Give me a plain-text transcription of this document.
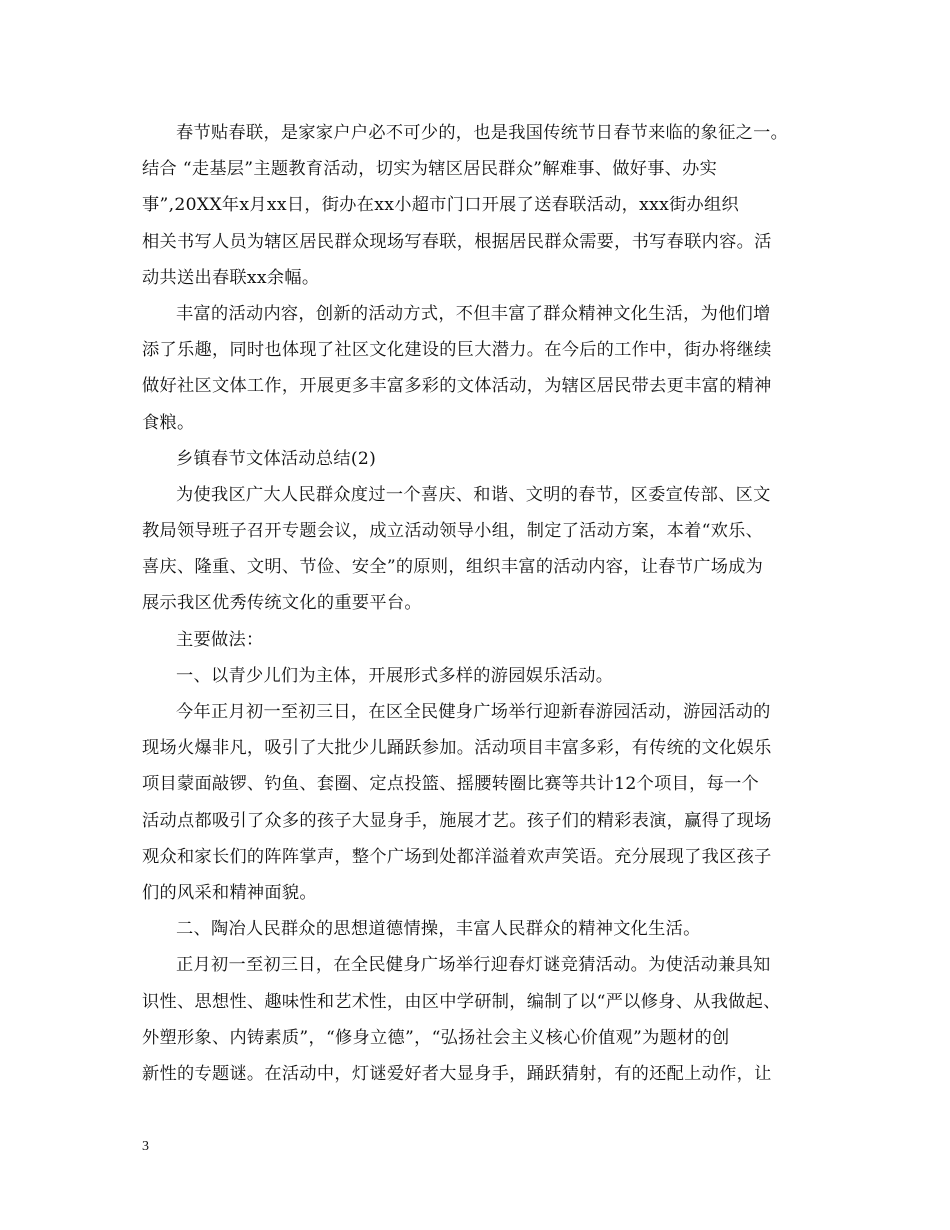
春节贴春联，是家家户户必不可少的，也是我国传统节日春节来临的象征之一。
结合 “走基层”主题教育活动，切实为辖区居民群众”解难事、做好事、办实
事”,20XX年x月xx日，街办在xx小超市门口开展了送春联活动，xxx街办组织
相关书写人员为辖区居民群众现场写春联，根据居民群众需要，书写春联内容。活
动共送出春联xx余幅。
丰富的活动内容，创新的活动方式，不但丰富了群众精神文化生活，为他们增
添了乐趣，同时也体现了社区文化建设的巨大潜力。在今后的工作中，街办将继续
做好社区文体工作，开展更多丰富多彩的文体活动，为辖区居民带去更丰富的精神
食粮。
乡镇春节文体活动总结(2)
为使我区广大人民群众度过一个喜庆、和谐、文明的春节，区委宣传部、区文
教局领导班子召开专题会议，成立活动领导小组，制定了活动方案，本着“欢乐、
喜庆、隆重、文明、节俭、安全”的原则，组织丰富的活动内容，让春节广场成为
展示我区优秀传统文化的重要平台。
主要做法：
一、以青少儿们为主体，开展形式多样的游园娱乐活动。
今年正月初一至初三日，在区全民健身广场举行迎新春游园活动，游园活动的
现场火爆非凡，吸引了大批少儿踊跃参加。活动项目丰富多彩，有传统的文化娱乐
项目蒙面敲锣、钓鱼、套圈、定点投篮、摇腰转圈比赛等共计12个项目，每一个
活动点都吸引了众多的孩子大显身手，施展才艺。孩子们的精彩表演，赢得了现场
观众和家长们的阵阵掌声，整个广场到处都洋溢着欢声笑语。充分展现了我区孩子
们的风采和精神面貌。
二、陶冶人民群众的思想道德情操，丰富人民群众的精神文化生活。
正月初一至初三日，在全民健身广场举行迎春灯谜竞猜活动。为使活动兼具知
识性、思想性、趣味性和艺术性，由区中学研制，编制了以“严以修身、从我做起、
外塑形象、内铸素质”，“修身立德”，“弘扬社会主义核心价值观”为题材的创
新性的专题谜。在活动中，灯谜爱好者大显身手，踊跃猜射，有的还配上动作，让
3
